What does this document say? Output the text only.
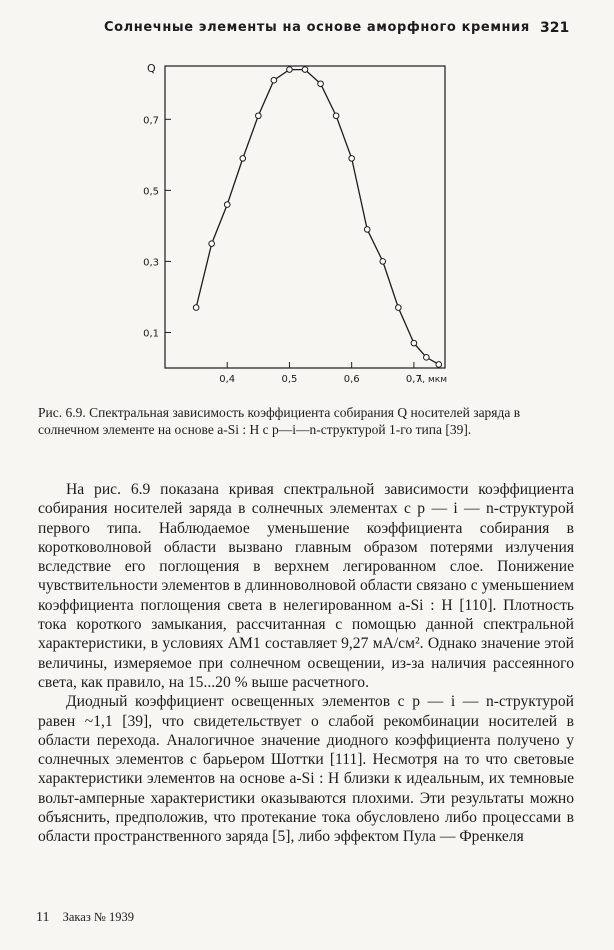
Солнечные элементы на основе аморфного кремния 321
Q
0,1
0,3
0,5
0,7
0,4	0,5	0,6	0,7
λ, мкм
Рис. 6.9. Спектральная зависимость коэффициента собирания Q носителей заряда в солнечном элементе на основе a-Si : H с p—i—n-структурой 1-го типа [39].

На рис. 6.9 показана кривая спектральной зависимости коэффициента собирания носителей заряда в солнечных элементах с p — i — n-структурой первого типа. Наблюдаемое уменьшение коэффициента собирания в коротковолновой области вызвано главным образом потерями излучения вследствие его поглощения в верхнем легированном слое. Понижение чувствительности элементов в длинноволновой области связано с уменьшением коэффициента поглощения света в нелегированном a-Si : H [110]. Плотность тока короткого замыкания, рассчитанная с помощью данной спектральной характеристики, в условиях AM1 составляет 9,27 мА/см². Однако значение этой величины, измеряемое при солнечном освещении, из-за наличия рассеянного света, как правило, на 15...20 % выше расчетного.

Диодный коэффициент освещенных элементов с p — i — n-структурой равен ~1,1 [39], что свидетельствует о слабой рекомбинации носителей в области перехода. Аналогичное значение диодного коэффициента получено у солнечных элементов с барьером Шоттки [111]. Несмотря на то что световые характеристики элементов на основе a-Si : H близки к идеальным, их темновые вольт-амперные характеристики оказываются плохими. Эти результаты можно объяснить, предположив, что протекание тока обусловлено либо процессами в области пространственного заряда [5], либо эффектом Пула — Френкеля

11 Заказ № 1939
